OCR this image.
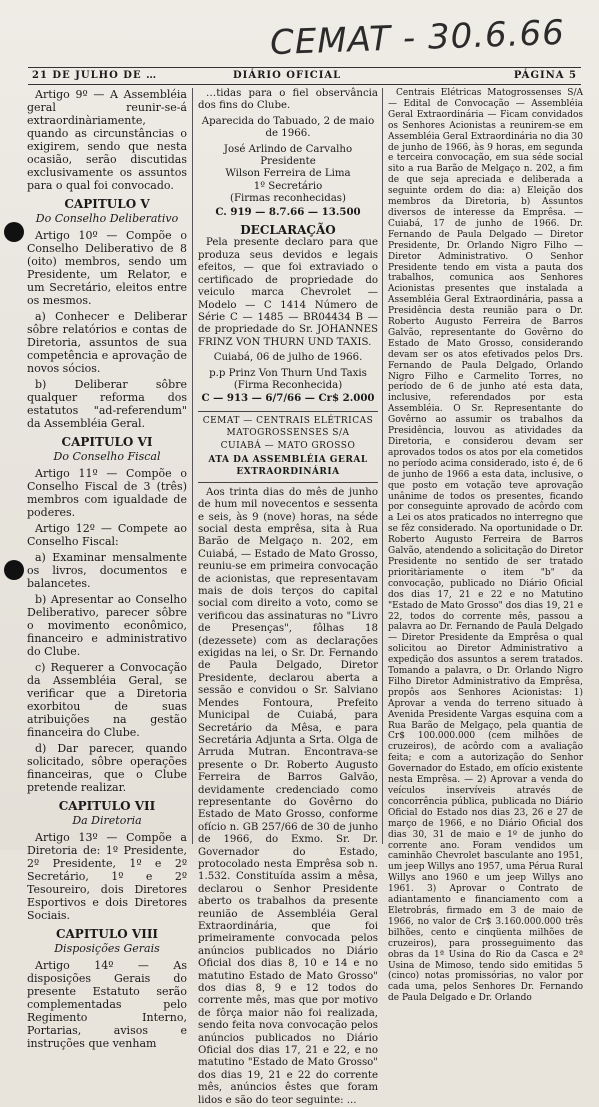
CEMAT - 30.6.66
21 DE JULHO DE …	DIÁRIO OFICIAL	PÁGINA 5

Artigo 9º — A Assembléia geral reunir-se-á extraordinàriamente, quando as circunstâncias o exigirem, sendo que nesta ocasião, serão discutidas exclusivamente os assuntos para o qual foi convocado.

CAPITULO V
Do Conselho Deliberativo

Artigo 10º — Compõe o Conselho Deliberativo de 8 (oito) membros, sendo um Presidente, um Relator, e um Secretário, eleitos entre os mesmos.

a) Conhecer e Deliberar sôbre relatórios e contas de Diretoria, assuntos de sua competência e aprovação de novos sócios.

b) Deliberar sôbre qualquer reforma dos estatutos "ad-referendum" da Assembléia Geral.

CAPITULO VI
Do Conselho Fiscal

Artigo 11º — Compõe o Conselho Fiscal de 3 (três) membros com igualdade de poderes.

Artigo 12º — Compete ao Conselho Fiscal:

a) Examinar mensalmente os livros, documentos e balancetes.

b) Apresentar ao Conselho Deliberativo, parecer sôbre o movimento econômico, financeiro e administrativo do Clube.

c) Requerer a Convocação da Assembléia Geral, se verificar que a Diretoria exorbitou de suas atribuições na gestão financeira do Clube.

d) Dar parecer, quando solicitado, sôbre operações financeiras, que o Clube pretende realizar.

CAPITULO VII
Da Diretoria

Artigo 13º — Compõe a Diretoria de: 1º Presidente, 2º Presidente, 1º e 2º Secretário, 1º e 2º Tesoureiro, dois Diretores Esportivos e dois Diretores Sociais.

CAPITULO VIII
Disposições Gerais

Artigo 14º — As disposições Gerais do presente Estatuto serão complementadas pelo Regimento Interno, Portarias, avisos e instruções que venham

…tidas para o fiel observância dos fins do Clube.

Aparecida do Tabuado, 2 de maio de 1966.

José Arlindo de Carvalho

Presidente

Wilson Ferreira de Lima

1º Secretário

(Firmas reconhecidas)

C. 919 — 8.7.66 — 13.500

DECLARAÇÃO

Pela presente declaro para que produza seus devidos e legais efeitos, — que foi extraviado o certificado de propriedade do veiculo marca Chevrolet — Modelo — C 1414 Número de Série C — 1485 — BR04434 B — de propriedade do Sr. JOHANNES FRINZ VON THURN UND TAXIS.

Cuiabá, 06 de julho de 1966.

p.p Prinz Von Thurn Und Taxis

(Firma Reconhecida)

C — 913 — 6/7/66 — Cr$ 2.000

CEMAT — CENTRAIS ELÉTRICAS MATOGROSSENSES S/A

CUIABÁ — MATO GROSSO

ATA DA ASSEMBLÉIA GERAL EXTRAORDINÁRIA

Aos trinta dias do mês de junho de hum mil novecentos e sessenta e seis, às 9 (nove) horas, na séde social desta emprêsa, sita à Rua Barão de Melgaço n. 202, em Cuiabá, — Estado de Mato Grosso, reuniu-se em primeira convocação de acionistas, que representavam mais de dois terços do capital social com direito a voto, como se verificou das assinaturas no "Livro de Presenças", fôlhas 18 (dezessete) com as declarações exigidas na lei, o Sr. Dr. Fernando de Paula Delgado, Diretor Presidente, declarou aberta a sessão e convidou o Sr. Salviano Mendes Fontoura, Prefeito Municipal de Cuiabá, para Secretário da Mêsa, e para Secretária Adjunta a Srta. Olga de Arruda Mutran. Encontrava-se presente o Dr. Roberto Augusto Ferreira de Barros Galvão, devidamente credenciado como representante do Govêrno do Estado de Mato Grosso, conforme ofício n. GB 257/66 de 30 de junho de 1966, do Exmo. Sr. Dr. Governador do Estado, protocolado nesta Emprêsa sob n. 1.532. Constituída assim a mêsa, declarou o Senhor Presidente aberto os trabalhos da presente reunião de Assembléia Geral Extraordinária, que foi primeiramente convocada pelos anúncios publicados no Diário Oficial dos dias 8, 10 e 14 e no matutino Estado de Mato Grosso" dos dias 8, 9 e 12 todos do corrente mês, mas que por motivo de fôrça maior não foi realizada, sendo feita nova convocação pelos anúncios publicados no Diário Oficial dos dias 17, 21 e 22, e no matutino "Estado de Mato Grosso" dos dias 19, 21 e 22 do corrente mês, anúncios êstes que foram lidos e são do teor seguinte: ...

Centrais Elétricas Matogrossenses S/A — Edital de Convocação — Assembléia Geral Extraordinária — Ficam convidados os Senhores Acionistas a reunirem-se em Assembléia Geral Extraordinária no dia 30 de junho de 1966, às 9 horas, em segunda e terceira convocação, em sua séde social sito a rua Barão de Melgaço n. 202, a fim de que seja apreciada e deliberada a seguinte ordem do dia: a) Eleição dos membros da Diretoria, b) Assuntos diversos de interesse da Emprêsa. — Cuiabá, 17 de junho de 1966. Dr. Fernando de Paula Delgado — Diretor Presidente, Dr. Orlando Nigro Filho — Diretor Administrativo. O Senhor Presidente tendo em vista a pauta dos trabalhos, comunica aos Senhores Acionistas presentes que instalada a Assembléia Geral Extraordinária, passa a Presidência desta reunião para o Dr. Roberto Augusto Ferreira de Barros Galvão, representante do Govêrno do Estado de Mato Grosso, considerando devam ser os atos efetivados pelos Drs. Fernando de Paula Delgado, Orlando Nigro Filho e Carmelito Torres, no período de 6 de junho até esta data, inclusive, referendados por esta Assembléia. O Sr. Representante do Govêrno ao assumir os trabalhos da Presidência, louvou as atividades da Diretoria, e considerou devam ser aprovados todos os atos por ela cometidos no período acima considerado, isto é, de 6 de junho de 1966 a esta data, inclusive, o que posto em votação teve aprovação unânime de todos os presentes, ficando por conseguinte aprovado de acôrdo com a Lei os atos praticados no interregno que se fêz considerado. Na oportunidade o Dr. Roberto Augusto Ferreira de Barros Galvão, atendendo a solicitação do Diretor Presidente no sentido de ser tratado prioritàriamente o item "b" da convocação, publicado no Diário Oficial dos dias 17, 21 e 22 e no Matutino "Estado de Mato Grosso" dos dias 19, 21 e 22, todos do corrente mês, passou a palavra ao Dr. Fernando de Paula Delgado — Diretor Presidente da Emprêsa o qual solicitou ao Diretor Administrativo a expedição dos assuntos a serem tratados. Tomando a palavra, o Dr. Orlando Nigro Filho Diretor Administrativo da Emprêsa, propôs aos Senhores Acionistas: 1) Aprovar a venda do terreno situado à Avenida Presidente Vargas esquina com a Rua Barão de Melgaço, pela quantia de Cr$ 100.000.000 (cem milhões de cruzeiros), de acôrdo com a avaliação feita; e com a autorização do Senhor Governador do Estado, em ofício existente nesta Emprêsa. — 2) Aprovar a venda do veículos inservíveis através de concorrência pública, publicada no Diário Oficial do Estado nos dias 23, 26 e 27 de março de 1966, e no Diário Oficial dos dias 30, 31 de maio e 1º de junho do corrente ano. Foram vendidos um caminhão Chevrolet basculante ano 1951, um jeep Willys ano 1957, uma Pérua Rural Willys ano 1960 e um jeep Willys ano 1961. 3) Aprovar o Contrato de adiantamento e financiamento com a Eletrobrás, firmado em 3 de maio de 1966, no valor de Cr$ 3.160.000.000 três bilhões, cento e cinqüenta milhões de cruzeiros), para prosseguimento das obras da 1ª Usina do Rio da Casca e 2ª Usina de Mimoso, tendo sido emitidas 5 (cinco) notas promissórias, no valor por cada uma, pelos Senhores Dr. Fernando de Paula Delgado e Dr. Orlando
